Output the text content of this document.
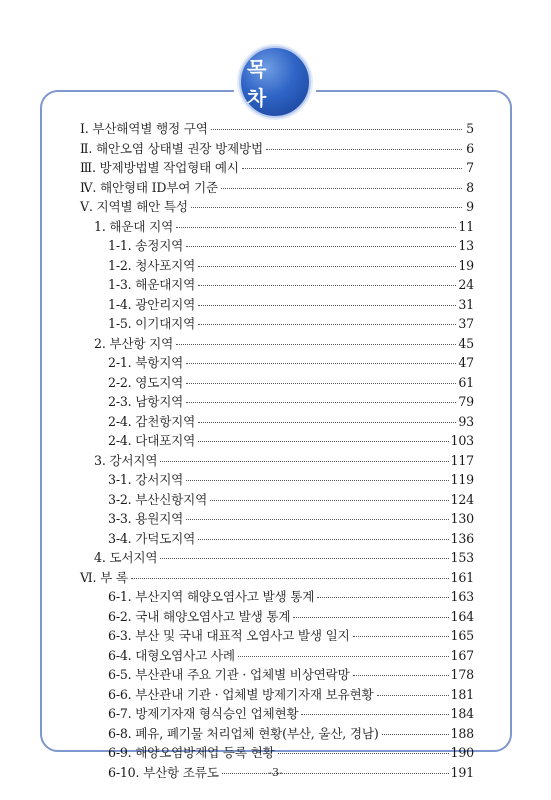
목 차
Ⅰ. 부산해역별 행정 구역	5
Ⅱ. 해안오염 상태별 권장 방제방법	6
Ⅲ. 방제방법별 작업형태 예시	7
Ⅳ. 해안형태 ID부여 기준	8
Ⅴ. 지역별 해안 특성	9
1. 해운대 지역	11
1-1. 송정지역	13
1-2. 청사포지역	19
1-3. 해운대지역	24
1-4. 광안리지역	31
1-5. 이기대지역	37
2. 부산항 지역	45
2-1. 북항지역	47
2-2. 영도지역	61
2-3. 남항지역	79
2-4. 감천항지역	93
2-4. 다대포지역	103
3. 강서지역	117
3-1. 강서지역	119
3-2. 부산신항지역	124
3-3. 용원지역	130
3-4. 가덕도지역	136
4. 도서지역	153
Ⅵ. 부 록	161
6-1. 부산지역 해양오염사고 발생 통계	163
6-2. 국내 해양오염사고 발생 통계	164
6-3. 부산 및 국내 대표적 오염사고 발생 일지	165
6-4. 대형오염사고 사례	167
6-5. 부산관내 주요 기관 · 업체별 비상연락망	178
6-6. 부산관내 기관 · 업체별 방제기자재 보유현황	181
6-7. 방제기자재 형식승인 업체현황	184
6-8. 폐유, 폐기물 처리업체 현황(부산, 울산, 경남)	188
6-9. 해양오염방제업 등록 현황	190
6-10. 부산항 조류도	191
-3-
